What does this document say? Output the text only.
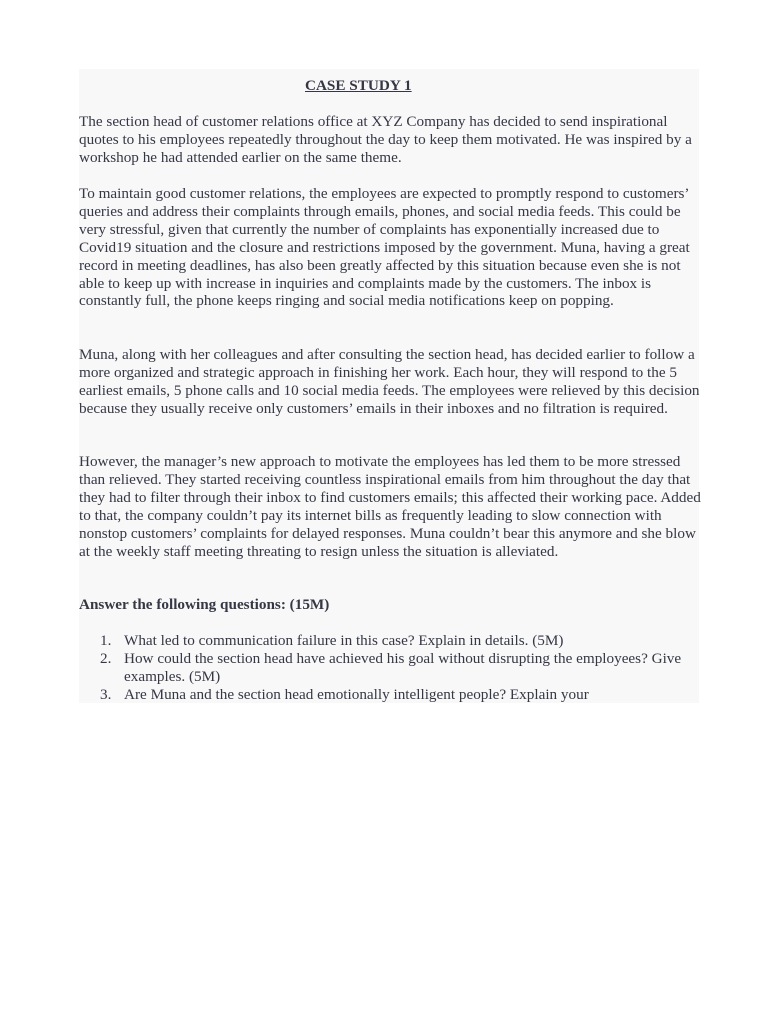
CASE STUDY 1

The section head of customer relations office at XYZ Company has decided to send inspirational quotes to his employees repeatedly throughout the day to keep them motivated. He was inspired by a workshop he had attended earlier on the same theme.

To maintain good customer relations, the employees are expected to promptly respond to customers’ queries and address their complaints through emails, phones, and social media feeds. This could be very stressful, given that currently the number of complaints has exponentially increased due to Covid19 situation and the closure and restrictions imposed by the government. Muna, having a great record in meeting deadlines, has also been greatly affected by this situation because even she is not able to keep up with increase in inquiries and complaints made by the customers. The inbox is constantly full, the phone keeps ringing and social media notifications keep on popping.

Muna, along with her colleagues and after consulting the section head, has decided earlier to follow a more organized and strategic approach in finishing her work. Each hour, they will respond to the 5 earliest emails, 5 phone calls and 10 social media feeds. The employees were relieved by this decision because they usually receive only customers’ emails in their inboxes and no filtration is required.

However, the manager’s new approach to motivate the employees has led them to be more stressed than relieved. They started receiving countless inspirational emails from him throughout the day that they had to filter through their inbox to find customers emails; this affected their working pace. Added to that, the company couldn’t pay its internet bills as frequently leading to slow connection with nonstop customers’ complaints for delayed responses. Muna couldn’t bear this anymore and she blow at the weekly staff meeting threating to resign unless the situation is alleviated.

Answer the following questions: (15M)

1. What led to communication failure in this case? Explain in details. (5M)
2. How could the section head have achieved his goal without disrupting the employees? Give examples. (5M)
3. Are Muna and the section head emotionally intelligent people? Explain your
